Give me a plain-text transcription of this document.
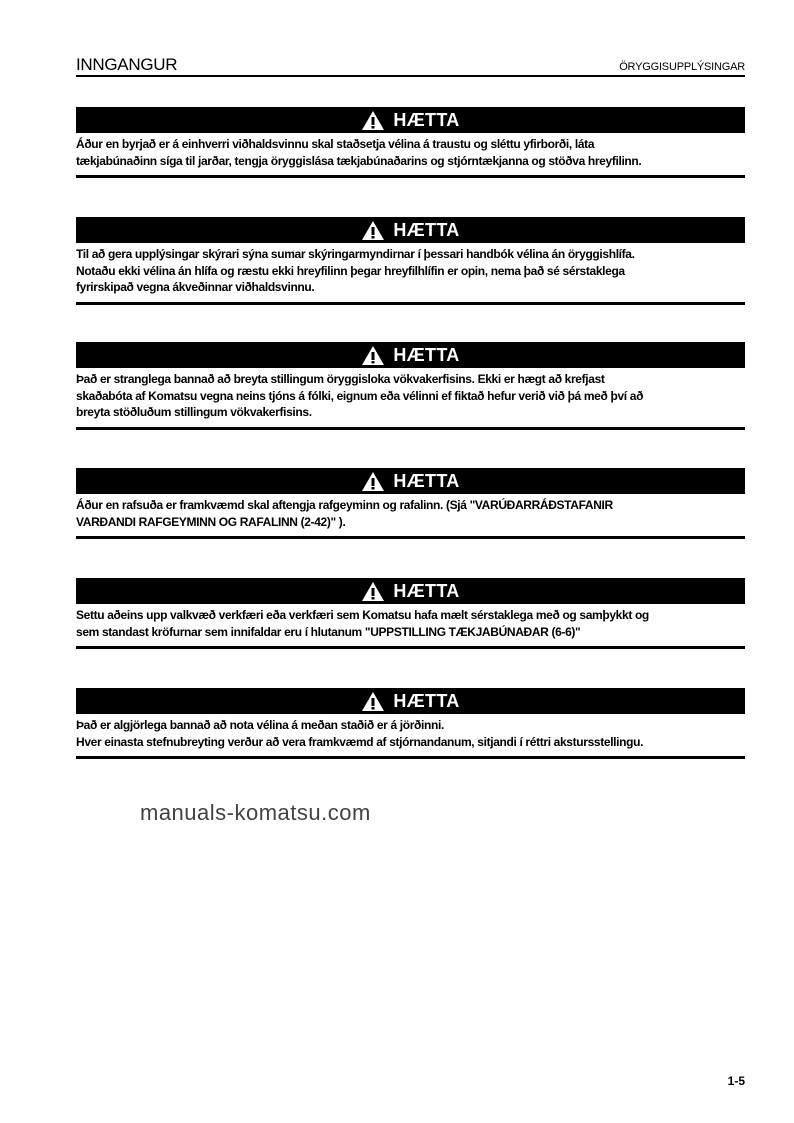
INNGANGUR	ÖRYGGISUPPLÝSINGAR
HÆTTA
Áður en byrjað er á einhverri viðhaldsvinnu skal staðsetja vélina á traustu og sléttu yfirborði, láta
tækjabúnaðinn síga til jarðar, tengja öryggislása tækjabúnaðarins og stjórntækjanna og stöðva hreyfilinn.
HÆTTA
Til að gera upplýsingar skýrari sýna sumar skýringarmyndirnar í þessari handbók vélina án öryggishlífa.
Notaðu ekki vélina án hlífa og ræstu ekki hreyfilinn þegar hreyfilhlífin er opin, nema það sé sérstaklega
fyrirskipað vegna ákveðinnar viðhaldsvinnu.
HÆTTA
Það er stranglega bannað að breyta stillingum öryggisloka vökvakerfisins. Ekki er hægt að krefjast
skaðabóta af Komatsu vegna neins tjóns á fólki, eignum eða vélinni ef fiktað hefur verið við þá með því að
breyta stöðluðum stillingum vökvakerfisins.
HÆTTA
Áður en rafsuða er framkvæmd skal aftengja rafgeyminn og rafalinn. (Sjá "VARÚÐARRÁÐSTAFANIR
VARÐANDI RAFGEYMINN OG RAFALINN (2-42)" ).
HÆTTA
Settu aðeins upp valkvæð verkfæri eða verkfæri sem Komatsu hafa mælt sérstaklega með og samþykkt og
sem standast kröfurnar sem innifaldar eru í hlutanum "UPPSTILLING TÆKJABÚNAÐAR (6-6)"
HÆTTA
Það er algjörlega bannað að nota vélina á meðan staðið er á jörðinni.
Hver einasta stefnubreyting verður að vera framkvæmd af stjórnandanum, sitjandi í réttri akstursstellingu.
manuals-komatsu.com
1-5
